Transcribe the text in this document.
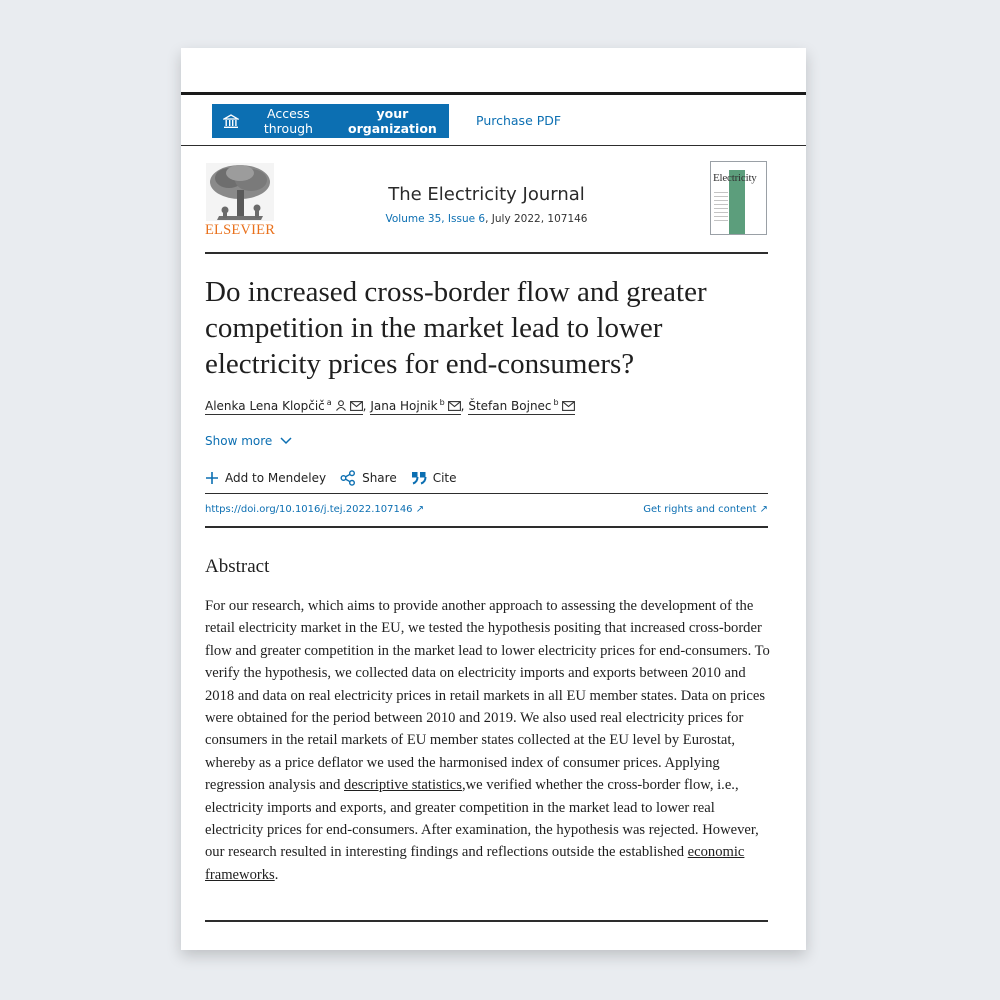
Access through
your organization
Purchase PDF
ELSEVIER
The Electricity Journal
Volume 35, Issue 6, July 2022, 107146
Electricity
Do increased cross-border flow and greater competition in the market lead to lower electricity prices for end-consumers?
Alenka Lena Klopčič $^a$	, Jana Hojnik $^b$ , Štefan Bojnec $^b$
Show more
Add to Mendeley	Share	Cite
https://doi.org/10.1016/j.tej.2022.107146 ↗	Get rights and content ↗
Abstract

For our research, which aims to provide another approach to assessing the development of the retail electricity market in the EU, we tested the hypothesis positing that increased cross-border flow and greater competition in the market lead to lower electricity prices for end-consumers. To verify the hypothesis, we collected data on electricity imports and exports between 2010 and 2018 and data on real electricity prices in retail markets in all EU member states. Data on prices were obtained for the period between 2010 and 2019. We also used real electricity prices for consumers in the retail markets of EU member states collected at the EU level by Eurostat, whereby as a price deflator we used the harmonised index of consumer prices. Applying regression analysis and descriptive statistics,we verified whether the cross-border flow, i.e., electricity imports and exports, and greater competition in the market lead to lower real electricity prices for end-consumers. After examination, the hypothesis was rejected. However, our research resulted in interesting findings and reflections outside the established economic frameworks.
